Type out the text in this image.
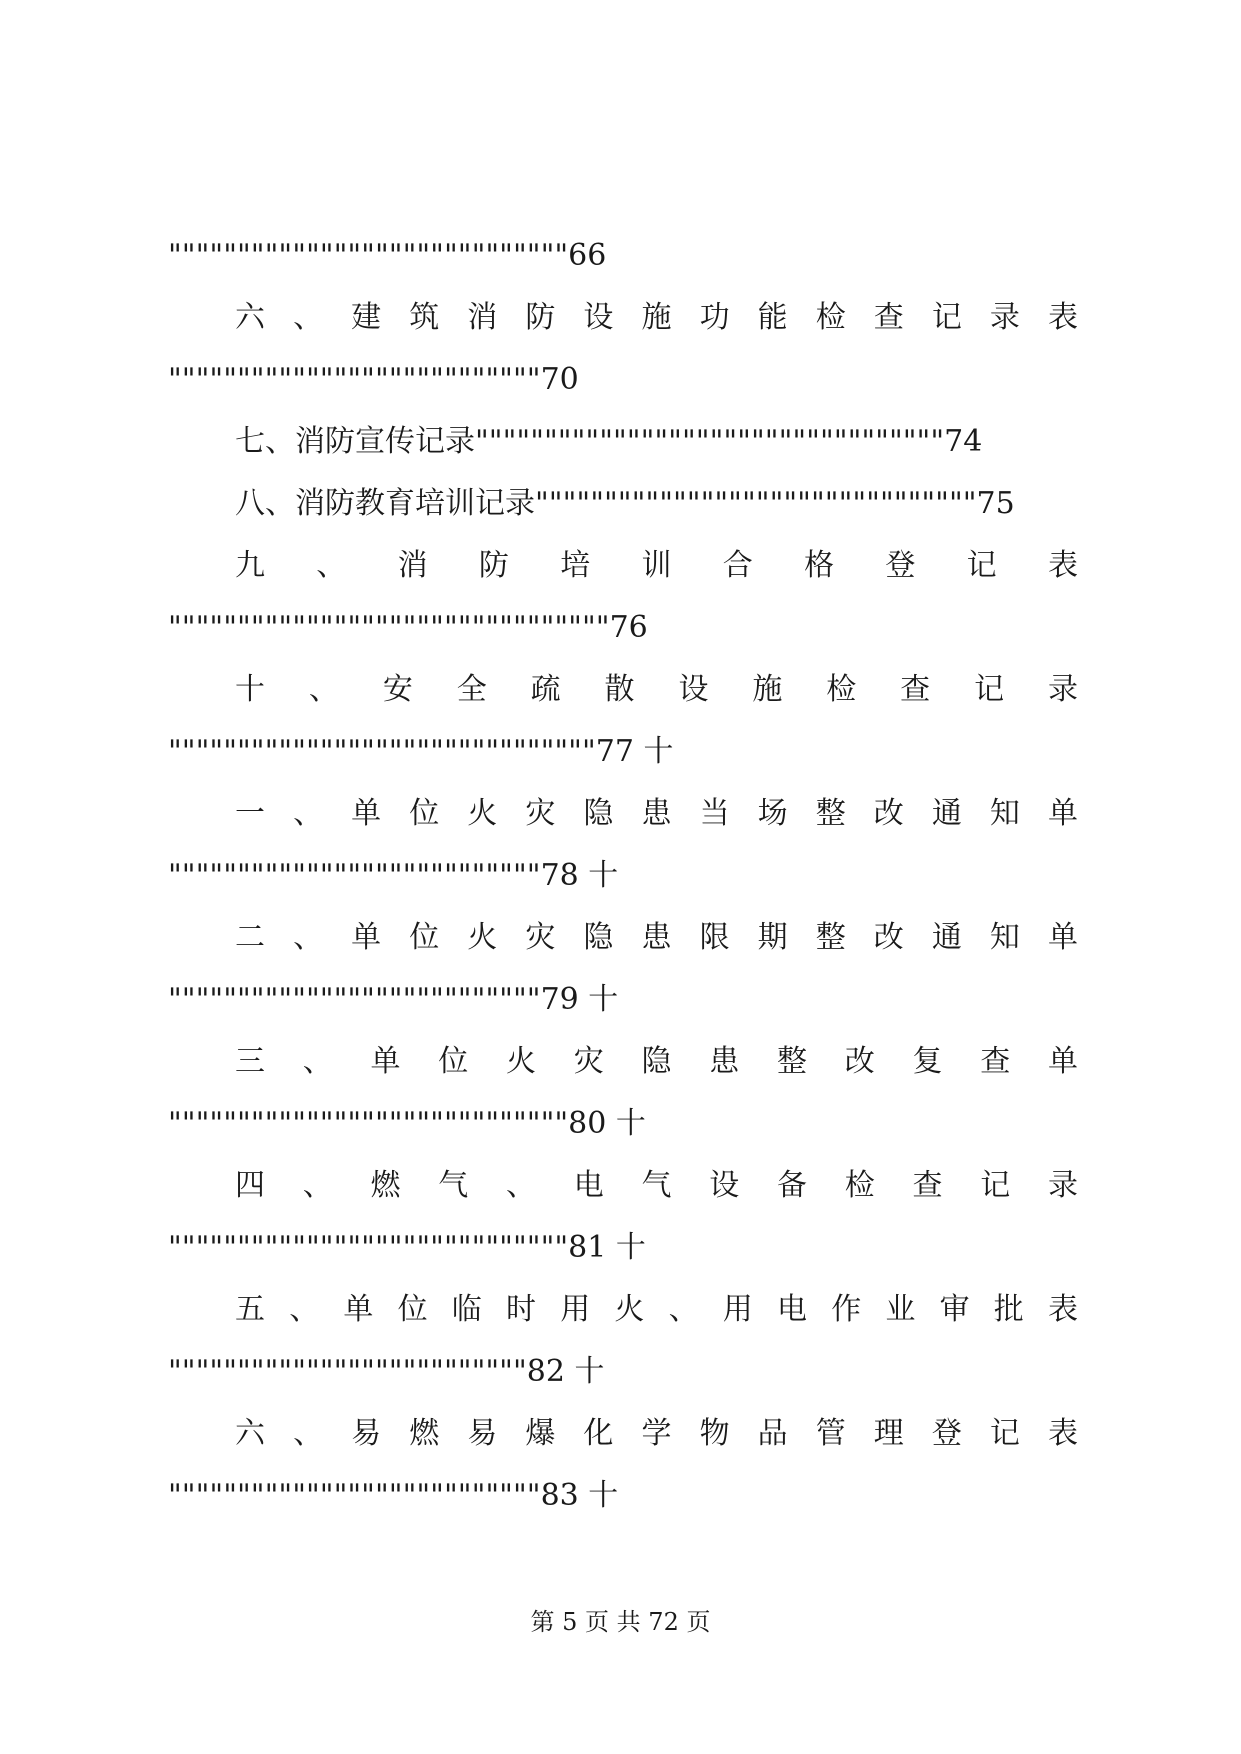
"""""""""""""""""""""""""""""66
六 、 建 筑 消 防 设 施 功 能 检 查 记 录 表
"""""""""""""""""""""""""""70
七、消防宣传记录""""""""""""""""""""""""""""""""""74
八、消防教育培训记录""""""""""""""""""""""""""""""""75
九 、 消 防 培 训 合 格 登 记 表
""""""""""""""""""""""""""""""""76
十 、 安 全 疏 散 设 施 检 查 记 录
"""""""""""""""""""""""""""""""77 十
一 、 单 位 火 灾 隐 患 当 场 整 改 通 知 单
"""""""""""""""""""""""""""78 十
二 、 单 位 火 灾 隐 患 限 期 整 改 通 知 单
"""""""""""""""""""""""""""79 十
三 、 单 位 火 灾 隐 患 整 改 复 查 单
"""""""""""""""""""""""""""""80 十
四 、 燃 气 、 电 气 设 备 检 查 记 录
"""""""""""""""""""""""""""""81 十
五 、 单 位 临 时 用 火 、 用 电 作 业 审 批 表
""""""""""""""""""""""""""82 十
六 、 易 燃 易 爆 化 学 物 品 管 理 登 记 表
"""""""""""""""""""""""""""83 十
第 5 页 共 72 页
